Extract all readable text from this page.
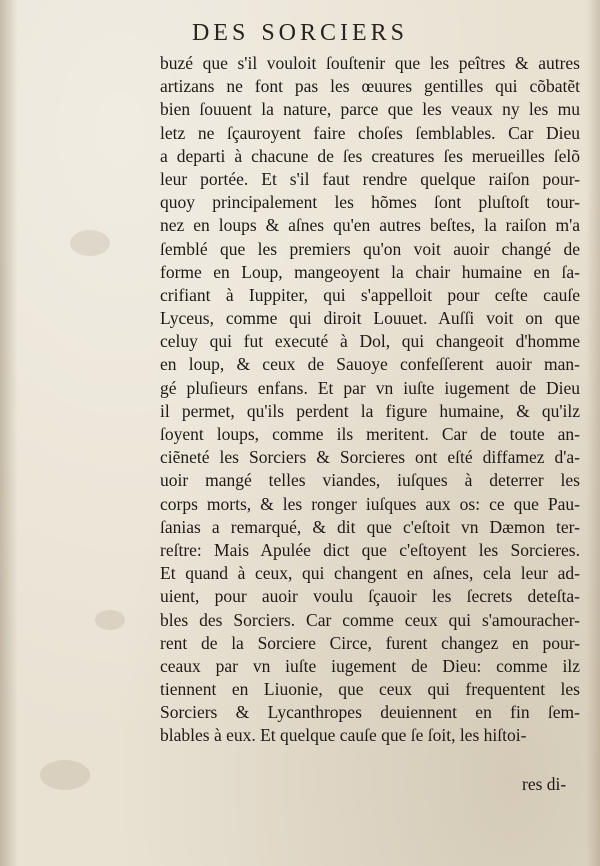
DES SORCIERS
buzé que s'il vouloit ſouſtenir que les peîtres & autres
artizans ne font pas les œuures gentilles qui cõbatẽt
bien ſouuent la nature, parce que les veaux ny les mu
letz ne ſçauroyent faire choſes ſemblables. Car Dieu
a departi à chacune de ſes creatures ſes merueilles ſelõ
leur portée. Et s'il faut rendre quelque raiſon pour-
quoy principalement les hõmes ſont pluſtoſt tour-
nez en loups & aſnes qu'en autres beſtes, la raiſon m'a
ſemblé que les premiers qu'on voit auoir changé de
forme en Loup, mangeoyent la chair humaine en ſa-
crifiant à Iuppiter, qui s'appelloit pour ceſte cauſe
Lyceus, comme qui diroit Louuet. Auſſi voit on que
celuy qui fut executé à Dol, qui changeoit d'homme
en loup, & ceux de Sauoye confeſſerent auoir man-
gé pluſieurs enfans. Et par vn iuſte iugement de Dieu
il permet, qu'ils perdent la figure humaine, & qu'ilz
ſoyent loups, comme ils meritent. Car de toute an-
ciẽneté les Sorciers & Sorcieres ont eſté diffamez d'a-
uoir mangé telles viandes, iuſques à deterrer les
corps morts, & les ronger iuſques aux os: ce que Pau-
ſanias a remarqué, & dit que c'eſtoit vn Dæmon ter-
reſtre: Mais Apulée dict que c'eſtoyent les Sorcieres.
Et quand à ceux, qui changent en aſnes, cela leur ad-
uient, pour auoir voulu ſçauoir les ſecrets deteſta-
bles des Sorciers. Car comme ceux qui s'amouracher-
rent de la Sorciere Circe, furent changez en pour-
ceaux par vn iuſte iugement de Dieu: comme ilz
tiennent en Liuonie, que ceux qui frequentent les
Sorciers & Lycanthropes deuiennent en fin ſem-
blables à eux. Et quelque cauſe que ſe ſoit, les hiſtoi-
res di-
